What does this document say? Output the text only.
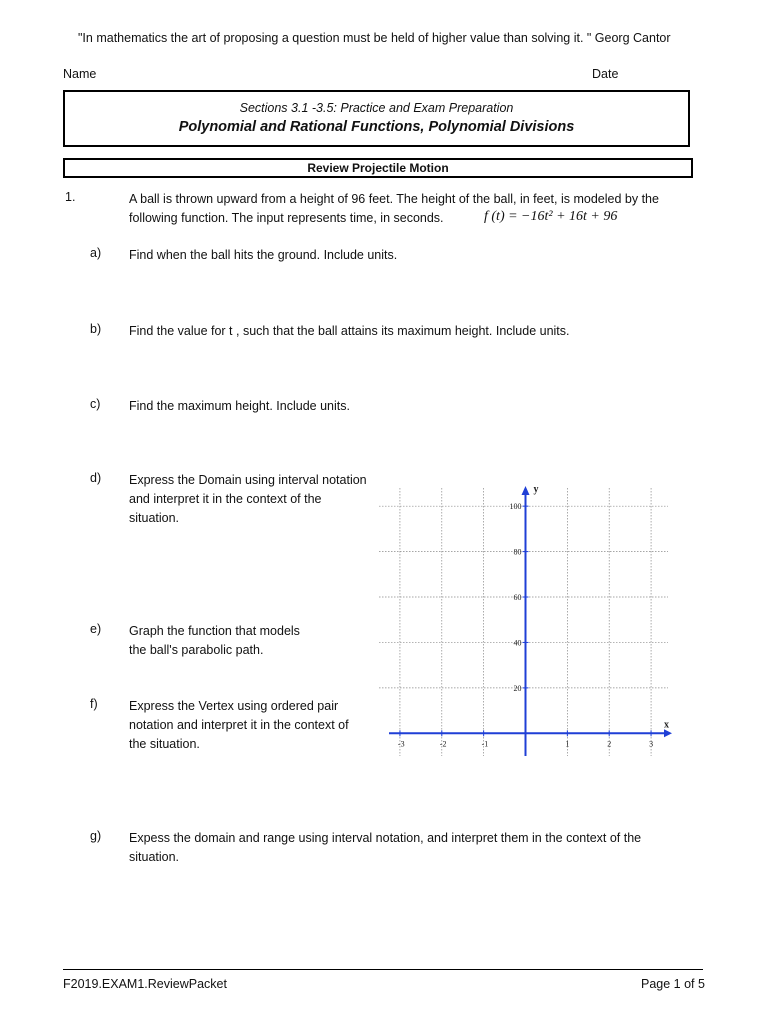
"In mathematics the art of proposing a question must be held of higher value than solving it. " Georg Cantor
Name	Date
Sections 3.1 -3.5: Practice and Exam Preparation
Polynomial and Rational Functions, Polynomial Divisions
Review Projectile Motion
1.	A ball is thrown upward from a height of 96 feet. The height of the ball, in feet, is modeled by the following function. The input represents time, in seconds.	f (t) = −16t² + 16t + 96
a) Find when the ball hits the ground. Include units.
b) Find the value for t , such that the ball attains its maximum height. Include units.
c) Find the maximum height. Include units.
d) Express the Domain using interval notation and interpret it in the context of the situation.
e) Graph the function that models the ball's parabolic path.
f)	Express the Vertex using ordered pair notation and interpret it in the context of the situation.
g) Expess the domain and range using interval notation, and interpret them in the context of the situation.
-3	-2	-1	1	2	3
20
40
60
80
100
x
y
F2019.EXAM1.ReviewPacket	Page 1 of 5
